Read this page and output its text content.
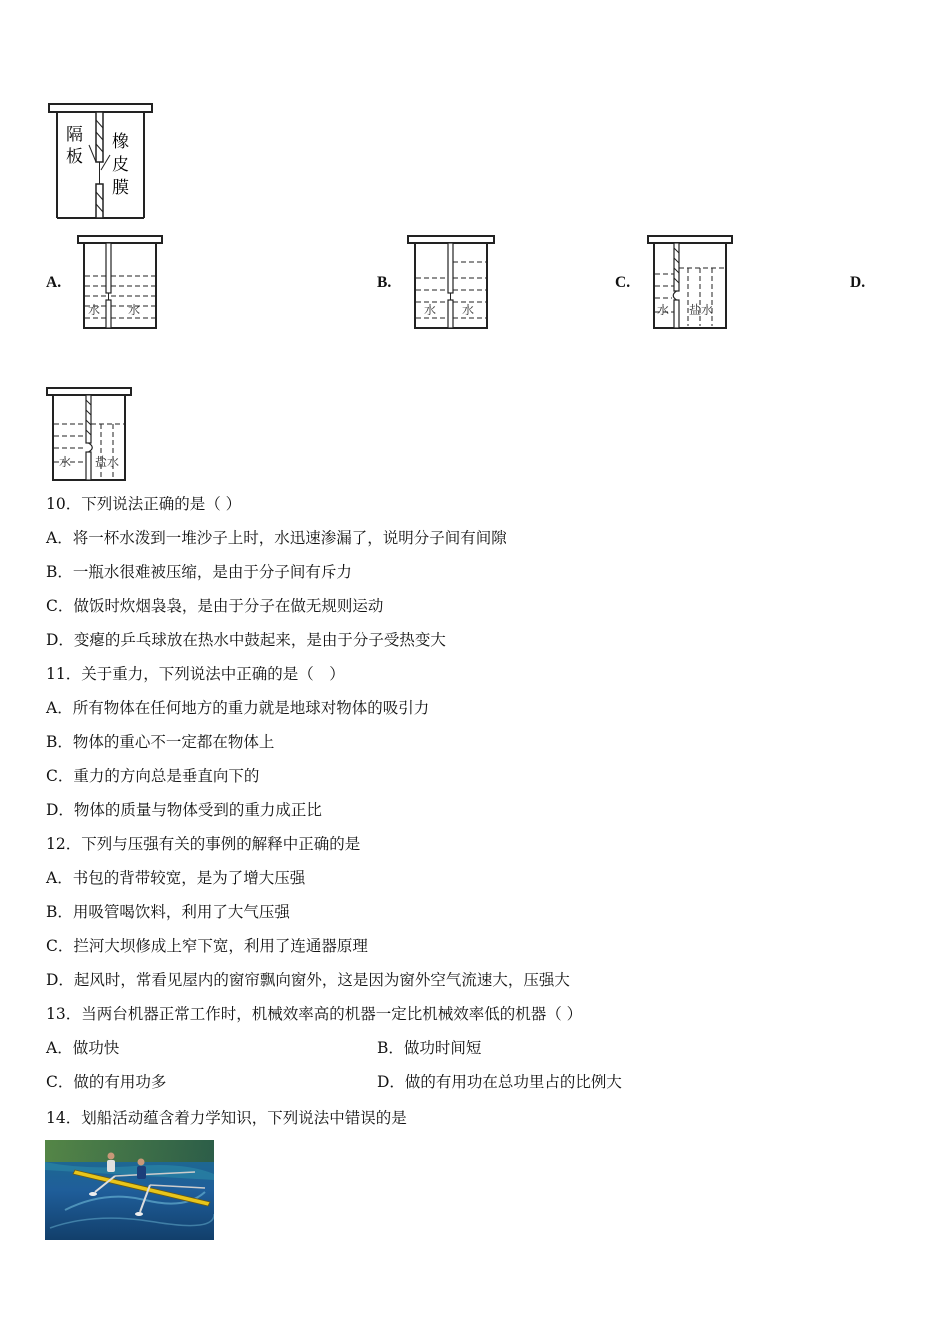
隔
板
橡
皮
膜
A.	B.	C.	D.
水 水	水 水	水 盐水
水 盐水
10．下列说法正确的是（ ）
A．将一杯水泼到一堆沙子上时，水迅速渗漏了，说明分子间有间隙
B．一瓶水很难被压缩，是由于分子间有斥力
C．做饭时炊烟袅袅，是由于分子在做无规则运动
D．变瘪的乒乓球放在热水中鼓起来，是由于分子受热变大
11．关于重力，下列说法中正确的是（　）
A．所有物体在任何地方的重力就是地球对物体的吸引力
B．物体的重心不一定都在物体上
C．重力的方向总是垂直向下的
D．物体的质量与物体受到的重力成正比
12．下列与压强有关的事例的解释中正确的是
A．书包的背带较宽，是为了增大压强
B．用吸管喝饮料，利用了大气压强
C．拦河大坝修成上窄下宽，利用了连通器原理
D．起风时，常看见屋内的窗帘飘向窗外，这是因为窗外空气流速大，压强大
13．当两台机器正常工作时，机械效率高的机器一定比机械效率低的机器（ ）
A．做功快	B．做功时间短
C．做的有用功多	D．做的有用功在总功里占的比例大
14．划船活动蕴含着力学知识，下列说法中错误的是
